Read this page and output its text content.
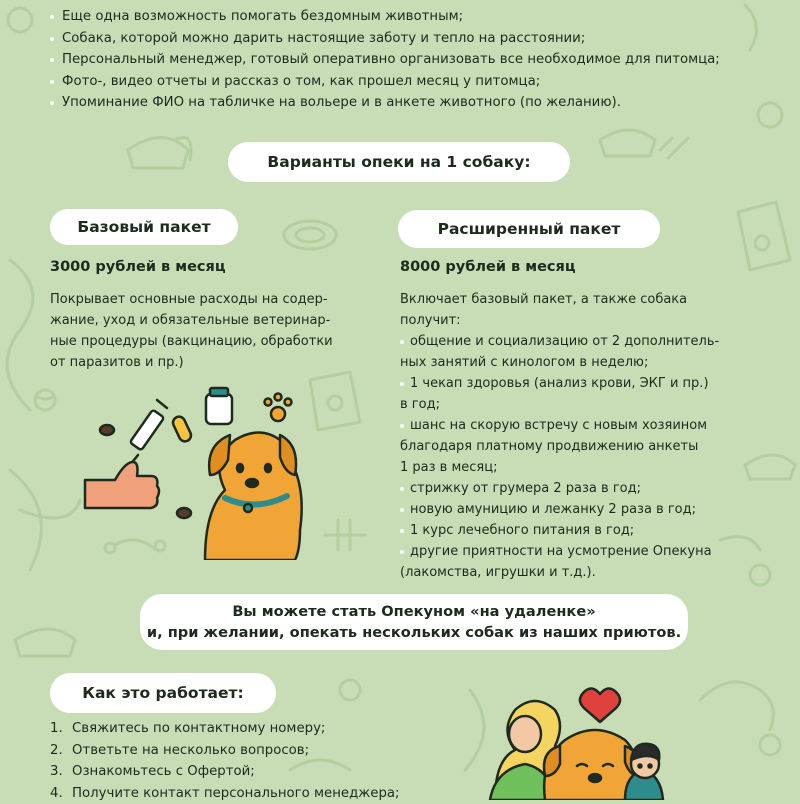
Еще одна возможность помогать бездомным животным;
Собака, которой можно дарить настоящие заботу и тепло на расстоянии;
Персональный менеджер, готовый оперативно организовать все необходимое для питомца;
Фото-, видео отчеты и рассказ о том, как прошел месяц у питомца;
Упоминание ФИО на табличке на вольере и в анкете животного (по желанию).
Варианты опеки на 1 собаку:
Базовый пакет
3000 рублей в месяц
Покрывает основные расходы на содер-
жание, уход и обязательные ветеринар-
ные процедуры (вакцинацию, обработки
от паразитов и пр.)
Расширенный пакет
8000 рублей в месяц
Включает базовый пакет, а также собака
получит:
общение и социализацию от 2 дополнитель-
ных занятий с кинологом в неделю;
1 чекап здоровья (анализ крови, ЭКГ и пр.)
в год;
шанс на скорую встречу с новым хозяином
благодаря платному продвижению анкеты
1 раз в месяц;
стрижку от грумера 2 раза в год;
новую амуницию и лежанку 2 раза в год;
1 курс лечебного питания в год;
другие приятности на усмотрение Опекуна
(лакомства, игрушки и т.д.).
Вы можете стать Опекуном «на удаленке»
и, при желании, опекать нескольких собак из наших приютов.
Как это работает:
1. Свяжитесь по контактному номеру;
2. Ответьте на несколько вопросов;
3. Ознакомьтесь с Офертой;
4. Получите контакт персонального менеджера;
